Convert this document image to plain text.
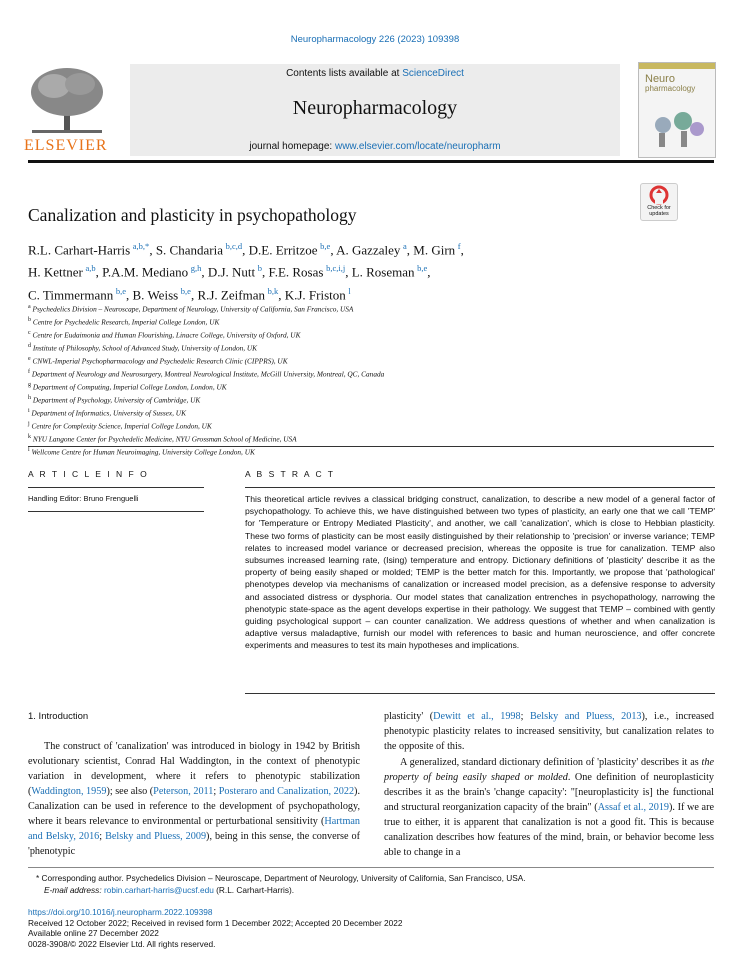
Neuropharmacology 226 (2023) 109398
ELSEVIER
Contents lists available at ScienceDirect
Neuropharmacology
journal homepage: www.elsevier.com/locate/neuropharm
Neuro
pharmacology
Check for
updates
Canalization and plasticity in psychopathology
R.L. Carhart-Harris  $^{a,b,*}$, S. Chandaria  $^{b,c,d}$, D.E. Erritzoe  $^{b,e}$, A. Gazzaley  $^a$, M. Girn  $^f$,
H. Kettner  $^{a,b}$, P.A.M. Mediano  $^{g,h}$, D.J. Nutt  $^b$, F.E. Rosas  $^{b,c,i,j}$, L. Roseman  $^{b,e}$,
C. Timmermann  $^{b,e}$, B. Weiss  $^{b,e}$, R.J. Zeifman  $^{b,k}$, K.J. Friston  $^l$
$^a$ Psychedelics Division – Neuroscape, Department of Neurology, University of California, San Francisco, USA
$^b$ Centre for Psychedelic Research, Imperial College London, UK
$^c$ Centre for Eudaimonia and Human Flourishing, Linacre College, University of Oxford, UK
$^d$ Institute of Philosophy, School of Advanced Study, University of London, UK
$^e$ CNWL-Imperial Psychopharmacology and Psychedelic Research Clinic (CIPPRS), UK
$^f$ Department of Neurology and Neurosurgery, Montreal Neurological Institute, McGill University, Montreal, QC, Canada
$^g$ Department of Computing, Imperial College London, London, UK
$^h$ Department of Psychology, University of Cambridge, UK
$^i$ Department of Informatics, University of Sussex, UK
$^j$ Centre for Complexity Science, Imperial College London, UK
$^k$ NYU Langone Center for Psychedelic Medicine, NYU Grossman School of Medicine, USA
$^l$ Wellcome Centre for Human Neuroimaging, University College London, UK
A R T I C L E I N F O	A B S T R A C T
Handling Editor: Bruno Frenguelli	This theoretical article revives a classical bridging construct, canalization, to describe a new model of a general factor of psychopathology. To achieve this, we have distinguished between two types of plasticity, an early one that we call 'TEMP' for 'Temperature or Entropy Mediated Plasticity', and another, we call 'canalization', which is close to Hebbian plasticity. These two forms of plasticity can be most easily distinguished by their relationship to 'precision' or inverse variance; TEMP relates to increased model variance or decreased precision, whereas the opposite is true for canalization. TEMP also subsumes increased learning rate, (Ising) temperature and entropy. Dictionary definitions of 'plasticity' describe it as the property of being easily shaped or molded; TEMP is the better match for this. Importantly, we propose that 'pathological' phenotypes develop via mechanisms of canalization or increased model precision, as a defensive response to adversity and associated distress or dysphoria. Our model states that canalization entrenches in psychopathology, narrowing the phenotypic state-space as the agent develops expertise in their pathology. We suggest that TEMP – combined with gently guiding psychological support – can counter canalization. We address questions of whether and when canalization is adaptive versus maladaptive, furnish our model with references to basic and human neuroscience, and offer concrete experiments and measures to test its main hypotheses and implications.
1. Introduction

The construct of 'canalization' was introduced in biology in 1942 by British evolutionary scientist, Conrad Hal Waddington, in the context of phenotypic variation in development, where it refers to phenotypic stabilization (Waddington, 1959); see also (Peterson, 2011; Posteraro and Canalization, 2022). Canalization can be used in reference to the development of psychopathology, where it bears relevance to environmental or perturbational sensitivity (Hartman and Belsky, 2016; Belsky and Pluess, 2009), being in this sense, the converse of 'phenotypic

plasticity' (Dewitt et al., 1998; Belsky and Pluess, 2013), i.e., increased phenotypic plasticity relates to increased sensitivity, but canalization relates to the opposite of this.

A generalized, standard dictionary definition of 'plasticity' describes it as the property of being easily shaped or molded. One definition of neuroplasticity describes it as the brain's 'change capacity': "[neuroplasticity is] the functional and structural reorganization capacity of the brain" (Assaf et al., 2019). If we are true to either, it is apparent that canalization is not a good fit. This is because canalization describes how features of the mind, brain, or behavior become less able to change in a

* Corresponding author. Psychedelics Division – Neuroscape, Department of Neurology, University of California, San Francisco, USA.
E-mail address: robin.carhart-harris@ucsf.edu (R.L. Carhart-Harris).
https://doi.org/10.1016/j.neuropharm.2022.109398
Received 12 October 2022; Received in revised form 1 December 2022; Accepted 20 December 2022
Available online 27 December 2022
0028-3908/© 2022 Elsevier Ltd. All rights reserved.
